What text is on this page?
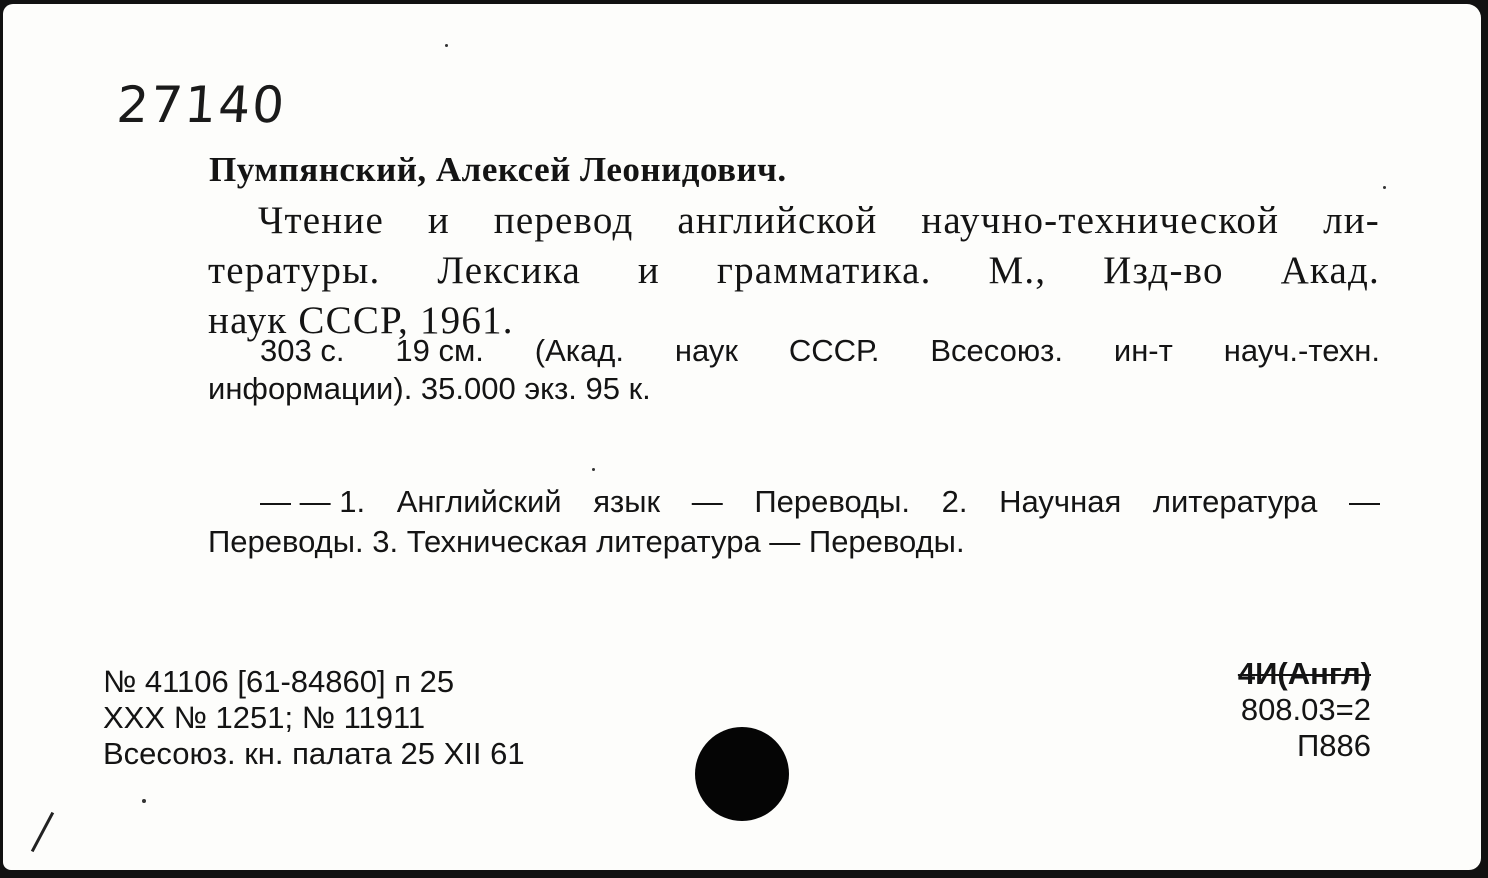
27140
Пумпянский, Алексей Леонидович.
Чтение и перевод английской научно-технической ли-
тературы. Лексика и грамматика. М., Изд-во Акад.
наук СССР, 1961.
303 с. 19 см. (Акад. наук СССР. Всесоюз. ин-т науч.-техн.
информации). 35.000 экз. 95 к.
— — 1. Английский язык — Переводы. 2. Научная литература —
Переводы. 3. Техническая литература — Переводы.
№ 41106 [61-84860] п 25
XXX № 1251; № 11911
Всесоюз. кн. палата 25 XII 61
4И(Англ)
808.03=2
П886
